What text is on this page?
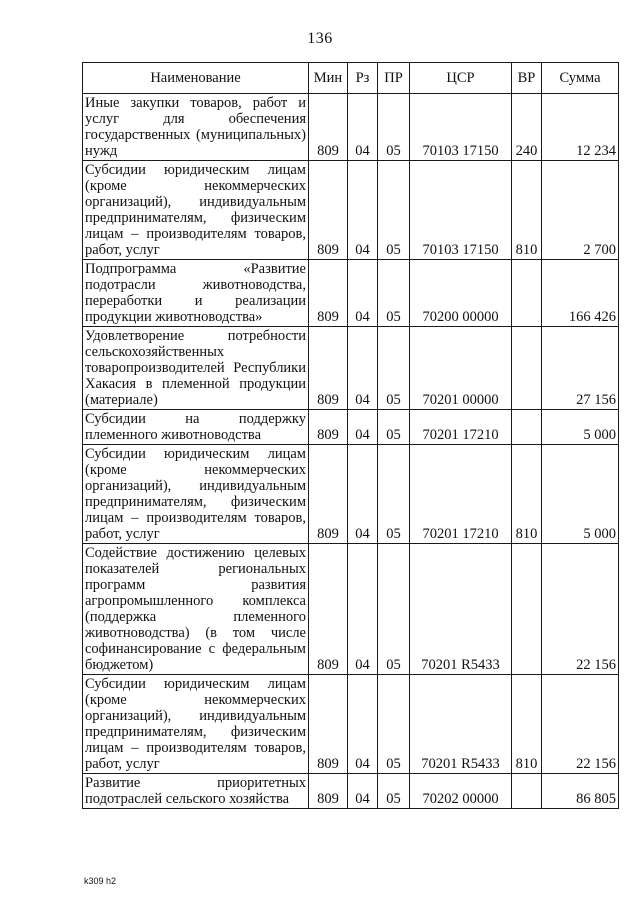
136
Наименование	Мин	Рз	ПР	ЦСР	ВР	Сумма
Иные закупки товаров, работ и услуг для обеспечения государственных (муниципальных) нужд	809	04	05	70103 17150	240	12 234
Субсидии юридическим лицам (кроме некоммерческих организаций), индивидуальным предпринимателям, физическим лицам – производителям товаров, работ, услуг	809	04	05	70103 17150	810	2 700
Подпрограмма «Развитие подотрасли животноводства, переработки и реализации продукции животноводства»	809	04	05	70200 00000		166 426
Удовлетворение потребности сельскохозяйственных товаропроизводителей Республики Хакасия в племенной продукции (материале)	809	04	05	70201 00000		27 156
Субсидии на поддержку племенного животноводства	809	04	05	70201 17210		5 000
Субсидии юридическим лицам (кроме некоммерческих организаций), индивидуальным предпринимателям, физическим лицам – производителям товаров, работ, услуг	809	04	05	70201 17210	810	5 000
Содействие достижению целевых показателей региональных программ развития агропромышленного комплекса (поддержка племенного животноводства) (в том числе софинансирование с федеральным бюджетом)	809	04	05	70201 R5433		22 156
Субсидии юридическим лицам (кроме некоммерческих организаций), индивидуальным предпринимателям, физическим лицам – производителям товаров, работ, услуг	809	04	05	70201 R5433	810	22 156
Развитие приоритетных подотраслей сельского хозяйства	809	04	05	70202 00000		86 805
k309 h2
